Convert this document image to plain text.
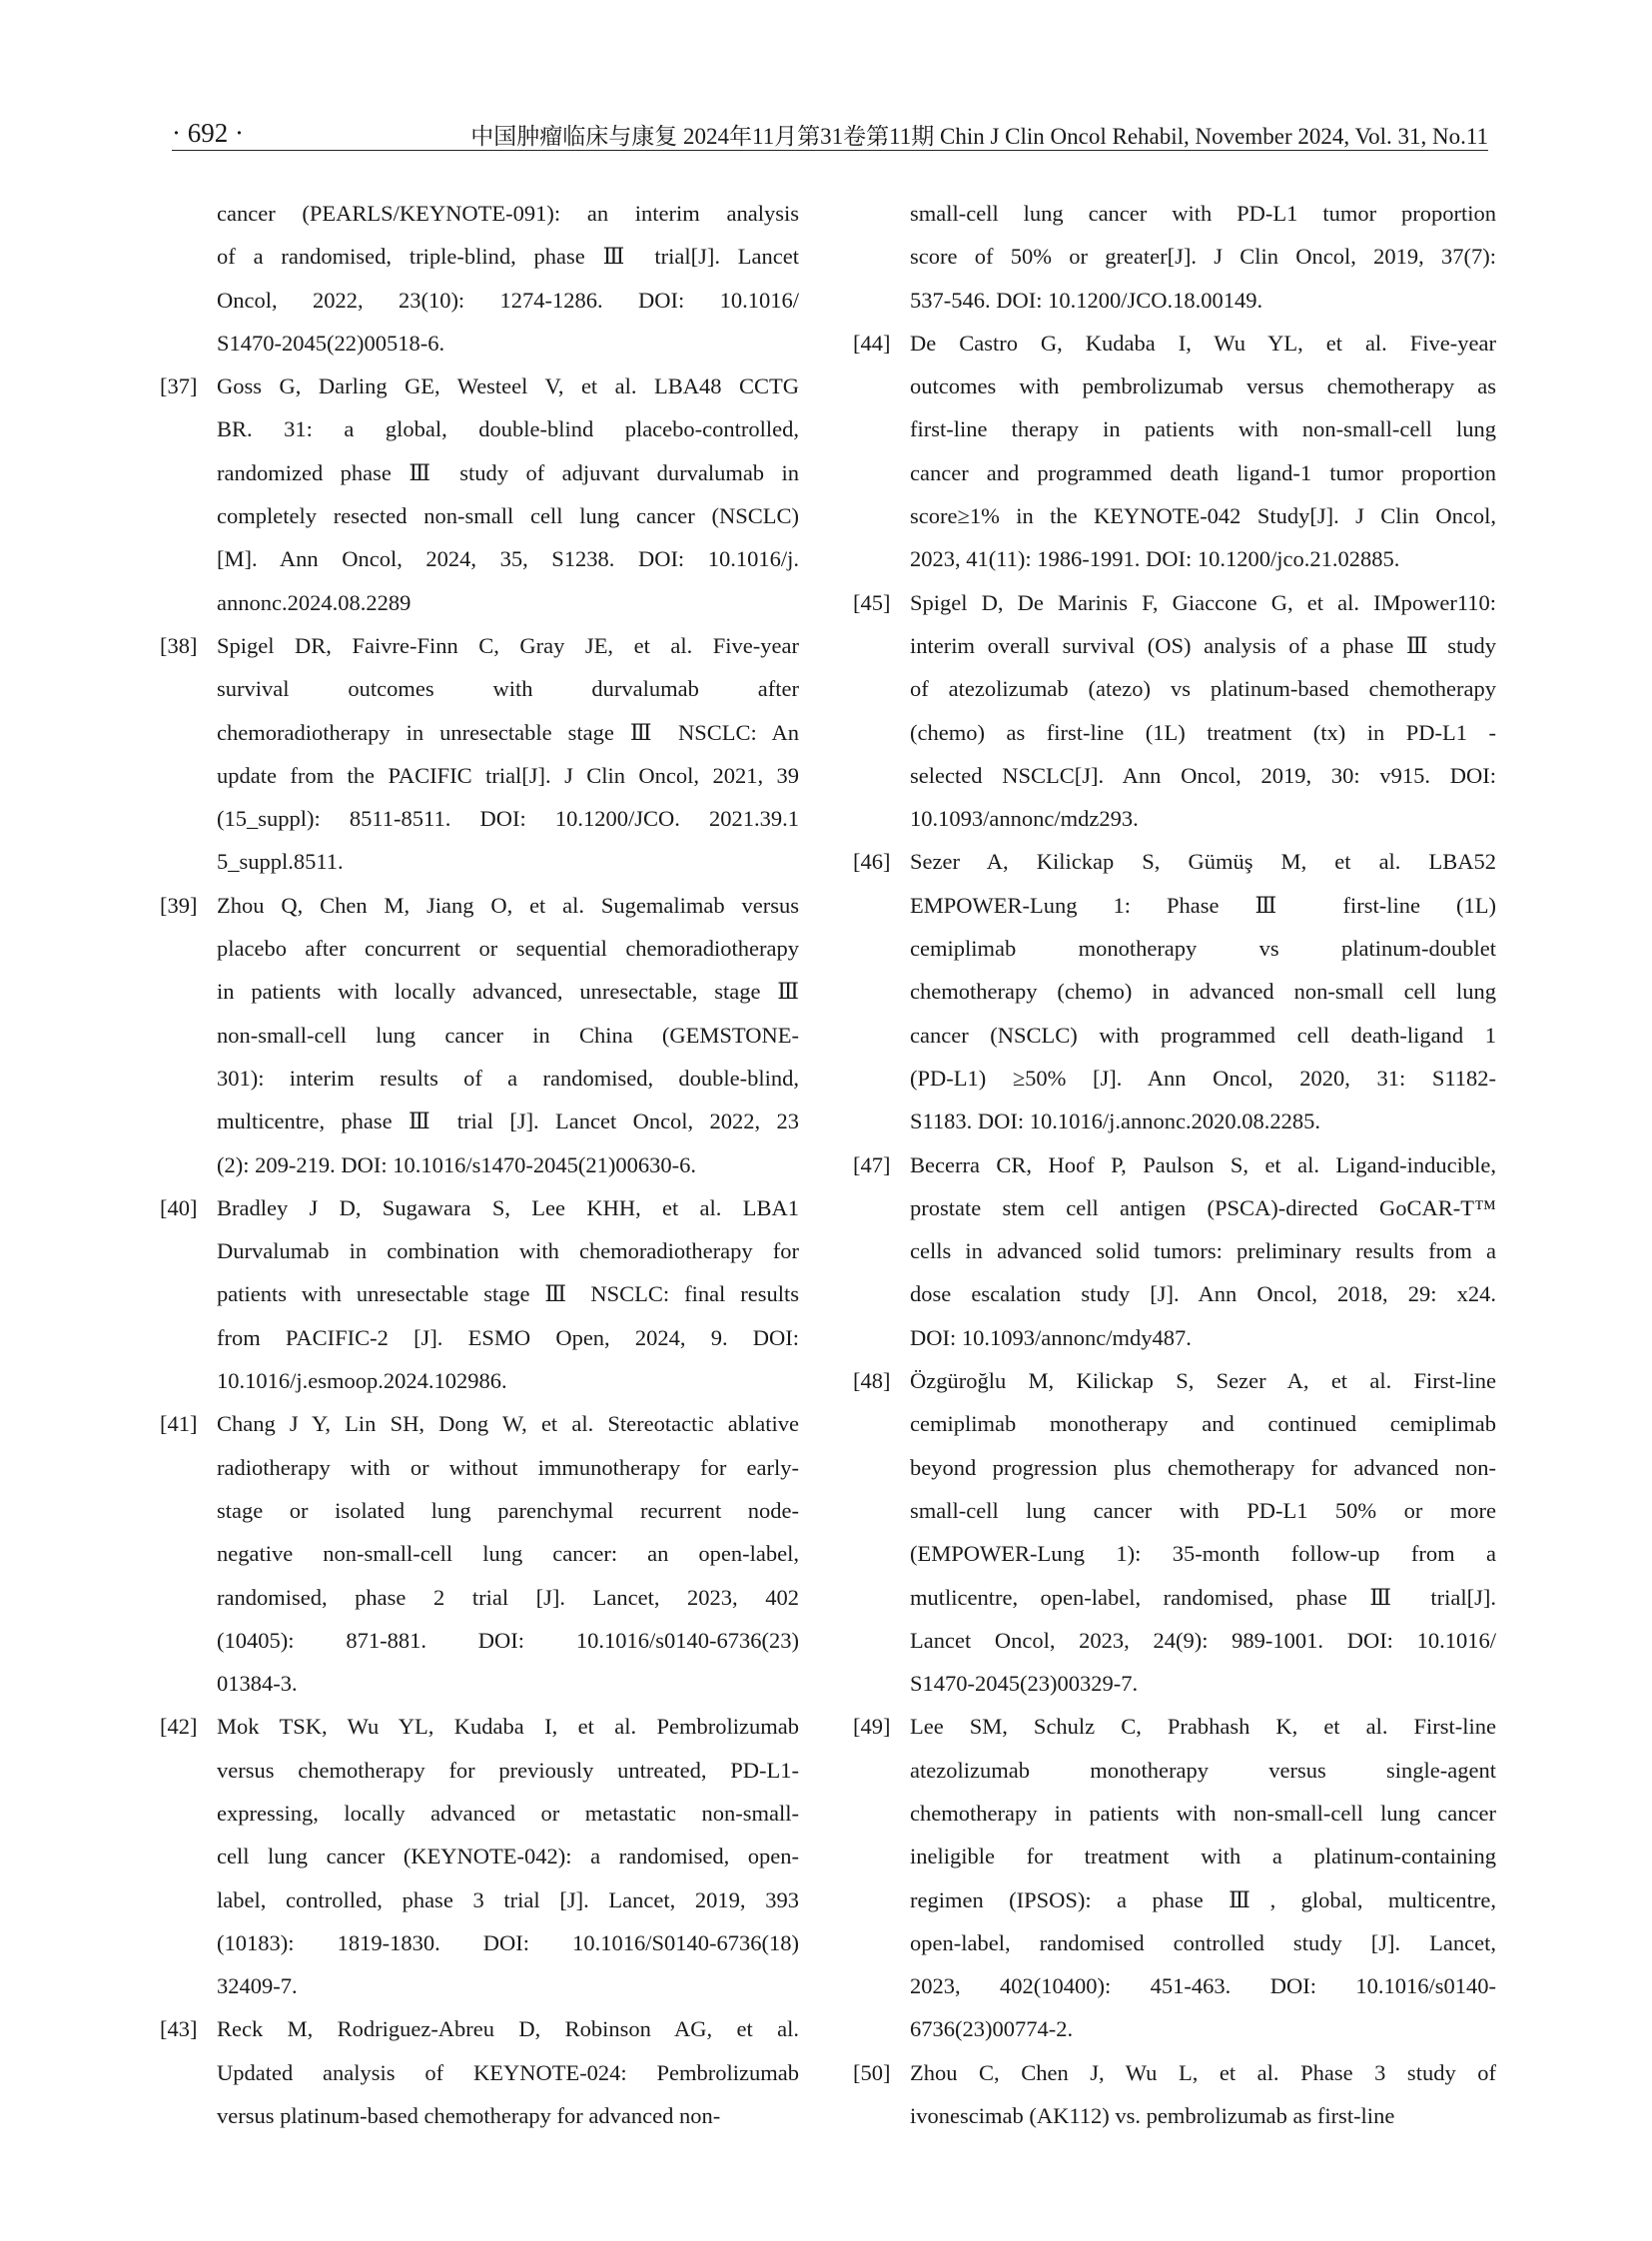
· 692 ·	中国肿瘤临床与康复 2024年11月第31卷第11期 Chin J Clin Oncol Rehabil, November 2024, Vol. 31, No.11
cancer (PEARLS/KEYNOTE-091): an interim analysis
of a randomised, triple-blind, phase Ⅲ trial[J]. Lancet
Oncol, 2022, 23(10): 1274-1286. DOI: 10.1016/
S1470-2045(22)00518-6.
[37] Goss G, Darling GE, Westeel V, et al. LBA48 CCTG
BR. 31: a global, double-blind placebo-controlled,
randomized phase Ⅲ study of adjuvant durvalumab in
completely resected non-small cell lung cancer (NSCLC)
[M]. Ann Oncol, 2024, 35, S1238. DOI: 10.1016/j.
annonc.2024.08.2289
[38] Spigel DR, Faivre-Finn C, Gray JE, et al. Five-year
survival outcomes with durvalumab after
chemoradiotherapy in unresectable stage Ⅲ NSCLC: An
update from the PACIFIC trial[J]. J Clin Oncol, 2021, 39
(15_suppl): 8511-8511. DOI: 10.1200/JCO. 2021.39.1
5_suppl.8511.
[39] Zhou Q, Chen M, Jiang O, et al. Sugemalimab versus
placebo after concurrent or sequential chemoradiotherapy
in patients with locally advanced, unresectable, stage Ⅲ
non-small-cell lung cancer in China (GEMSTONE-
301): interim results of a randomised, double-blind,
multicentre, phase Ⅲ trial [J]. Lancet Oncol, 2022, 23
(2): 209-219. DOI: 10.1016/s1470-2045(21)00630-6.
[40] Bradley J D, Sugawara S, Lee KHH, et al. LBA1
Durvalumab in combination with chemoradiotherapy for
patients with unresectable stage Ⅲ NSCLC: final results
from PACIFIC-2 [J]. ESMO Open, 2024, 9. DOI:
10.1016/j.esmoop.2024.102986.
[41] Chang J Y, Lin SH, Dong W, et al. Stereotactic ablative
radiotherapy with or without immunotherapy for early-
stage or isolated lung parenchymal recurrent node-
negative non-small-cell lung cancer: an open-label,
randomised, phase 2 trial [J]. Lancet, 2023, 402
(10405): 871-881. DOI: 10.1016/s0140-6736(23)
01384-3.
[42] Mok TSK, Wu YL, Kudaba I, et al. Pembrolizumab
versus chemotherapy for previously untreated, PD-L1-
expressing, locally advanced or metastatic non-small-
cell lung cancer (KEYNOTE-042): a randomised, open-
label, controlled, phase 3 trial [J]. Lancet, 2019, 393
(10183): 1819-1830. DOI: 10.1016/S0140-6736(18)
32409-7.
[43] Reck M, Rodriguez-Abreu D, Robinson AG, et al.
Updated analysis of KEYNOTE-024: Pembrolizumab
versus platinum-based chemotherapy for advanced non-
small-cell lung cancer with PD-L1 tumor proportion
score of 50% or greater[J]. J Clin Oncol, 2019, 37(7):
537-546. DOI: 10.1200/JCO.18.00149.
[44] De Castro G, Kudaba I, Wu YL, et al. Five-year
outcomes with pembrolizumab versus chemotherapy as
first-line therapy in patients with non-small-cell lung
cancer and programmed death ligand-1 tumor proportion
score≥1% in the KEYNOTE-042 Study[J]. J Clin Oncol,
2023, 41(11): 1986-1991. DOI: 10.1200/jco.21.02885.
[45] Spigel D, De Marinis F, Giaccone G, et al. IMpower110:
interim overall survival (OS) analysis of a phase Ⅲ study
of atezolizumab (atezo) vs platinum-based chemotherapy
(chemo) as first-line (1L) treatment (tx) in PD-L1 -
selected NSCLC[J]. Ann Oncol, 2019, 30: v915. DOI:
10.1093/annonc/mdz293.
[46] Sezer A, Kilickap S, Gümüş M, et al. LBA52
EMPOWER-Lung 1: Phase Ⅲ first-line (1L)
cemiplimab monotherapy vs platinum-doublet
chemotherapy (chemo) in advanced non-small cell lung
cancer (NSCLC) with programmed cell death-ligand 1
(PD-L1) ≥50% [J]. Ann Oncol, 2020, 31: S1182-
S1183. DOI: 10.1016/j.annonc.2020.08.2285.
[47] Becerra CR, Hoof P, Paulson S, et al. Ligand-inducible,
prostate stem cell antigen (PSCA)-directed GoCAR-T™
cells in advanced solid tumors: preliminary results from a
dose escalation study [J]. Ann Oncol, 2018, 29: x24.
DOI: 10.1093/annonc/mdy487.
[48] Özgüroğlu M, Kilickap S, Sezer A, et al. First-line
cemiplimab monotherapy and continued cemiplimab
beyond progression plus chemotherapy for advanced non-
small-cell lung cancer with PD-L1 50% or more
(EMPOWER-Lung 1): 35-month follow-up from a
mutlicentre, open-label, randomised, phase Ⅲ trial[J].
Lancet Oncol, 2023, 24(9): 989-1001. DOI: 10.1016/
S1470-2045(23)00329-7.
[49] Lee SM, Schulz C, Prabhash K, et al. First-line
atezolizumab monotherapy versus single-agent
chemotherapy in patients with non-small-cell lung cancer
ineligible for treatment with a platinum-containing
regimen (IPSOS): a phase Ⅲ, global, multicentre,
open-label, randomised controlled study [J]. Lancet,
2023, 402(10400): 451-463. DOI: 10.1016/s0140-
6736(23)00774-2.
[50] Zhou C, Chen J, Wu L, et al. Phase 3 study of
ivonescimab (AK112) vs. pembrolizumab as first-line
